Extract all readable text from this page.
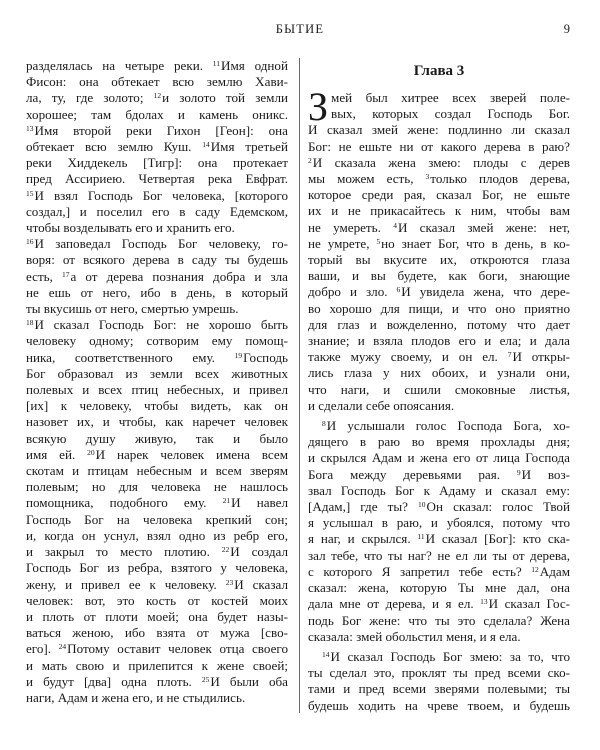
БЫТИЕ	9
разделялась на четыре реки. $^{11}$Имя одной
Фисон: она обтекает всю землю Хави-
ла, ту, где золото; $^{12}$и золото той земли
хорошее; там бдолах и камень оникс.
$^{13}$Имя второй реки Гихон [Геон]: она
обтекает всю землю Куш. $^{14}$Имя третьей
реки Хиддекель [Тигр]: она протекает
пред Ассириею. Четвертая река Евфрат.
$^{15}$И взял Господь Бог человека, [которого
создал,] и поселил его в саду Едемском,
чтобы возделывать его и хранить его.
$^{16}$И заповедал Господь Бог человеку, го-
воря: от всякого дерева в саду ты будешь
есть, $^{17}$а от дерева познания добра и зла
не ешь от него, ибо в день, в который
ты вкусишь от него, смертью умрешь.
$^{18}$И сказал Господь Бог: не хорошо быть
человеку одному; сотворим ему помощ-
ника, соответственного ему. $^{19}$Господь
Бог образовал из земли всех животных
полевых и всех птиц небесных, и привел
[их] к человеку, чтобы видеть, как он
назовет их, и чтобы, как наречет человек
всякую душу живую, так и было
имя ей. $^{20}$И нарек человек имена всем
скотам и птицам небесным и всем зверям
полевым; но для человека не нашлось
помощника, подобного ему. $^{21}$И навел
Господь Бог на человека крепкий сон;
и, когда он уснул, взял одно из ребр его,
и закрыл то место плотию. $^{22}$И создал
Господь Бог из ребра, взятого у человека,
жену, и привел ее к человеку. $^{23}$И сказал
человек: вот, это кость от костей моих
и плоть от плоти моей; она будет назы-
ваться женою, ибо взята от мужа [сво-
его]. $^{24}$Потому оставит человек отца своего
и мать свою и прилепится к жене своей;
и будут [два] одна плоть. $^{25}$И были оба
наги, Адам и жена его, и не стыдились.
Глава 3
З мей был хитрее всех зверей поле-
вых, которых создал Господь Бог.
И сказал змей жене: подлинно ли сказал
Бог: не ешьте ни от какого дерева в раю?
$^2$И сказала жена змею: плоды с дерев
мы можем есть, $^3$только плодов дерева,
которое среди рая, сказал Бог, не ешьте
их и не прикасайтесь к ним, чтобы вам
не умереть. $^4$И сказал змей жене: нет,
не умрете, $^5$но знает Бог, что в день, в ко-
торый вы вкусите их, откроются глаза
ваши, и вы будете, как боги, знающие
добро и зло. $^6$И увидела жена, что дере-
во хорошо для пищи, и что оно приятно
для глаз и вожделенно, потому что дает
знание; и взяла плодов его и ела; и дала
также мужу своему, и он ел. $^7$И откры-
лись глаза у них обоих, и узнали они,
что наги, и сшили смоковные листья,
и сделали себе опоясания.
$^8$И услышали голос Господа Бога, хо-
дящего в раю во время прохлады дня;
и скрылся Адам и жена его от лица Господа
Бога между деревьями рая. $^9$И воз-
звал Господь Бог к Адаму и сказал ему:
[Адам,] где ты? $^{10}$Он сказал: голос Твой
я услышал в раю, и убоялся, потому что
я наг, и скрылся. $^{11}$И сказал [Бог]: кто ска-
зал тебе, что ты наг? не ел ли ты от дерева,
с которого Я запретил тебе есть? $^{12}$Адам
сказал: жена, которую Ты мне дал, она
дала мне от дерева, и я ел. $^{13}$И сказал Гос-
подь Бог жене: что ты это сделала? Жена
сказала: змей обольстил меня, и я ела.
$^{14}$И сказал Господь Бог змею: за то, что
ты сделал это, проклят ты пред всеми ско-
тами и пред всеми зверями полевыми; ты
будешь ходить на чреве твоем, и будешь
